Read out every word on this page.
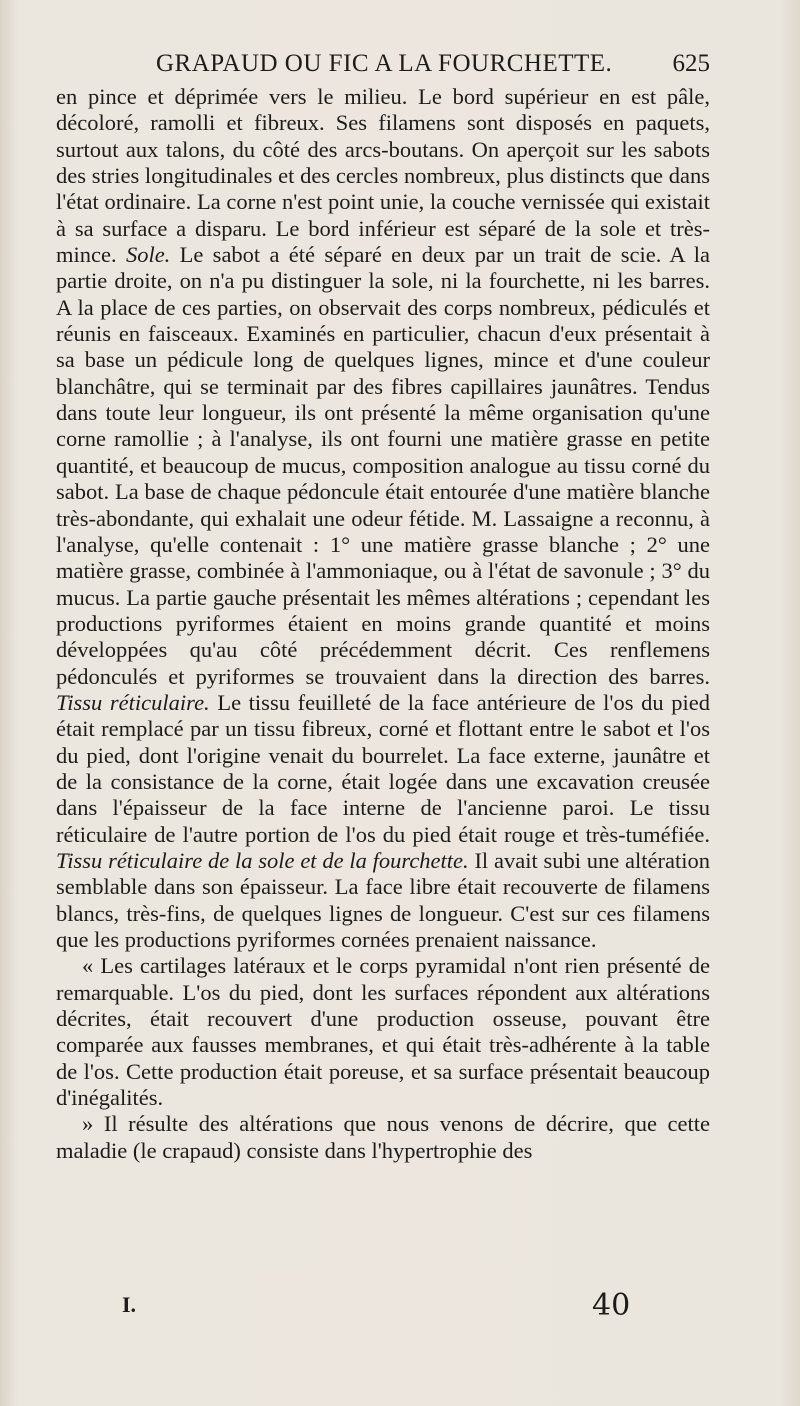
GRAPAUD OU FIC A LA FOURCHETTE. 625

en pince et déprimée vers le milieu. Le bord supérieur en est pâle, décoloré, ramolli et fibreux. Ses filamens sont disposés en paquets, surtout aux talons, du côté des arcs-boutans. On aperçoit sur les sabots des stries longitudinales et des cercles nombreux, plus distincts que dans l'état ordinaire. La corne n'est point unie, la couche vernissée qui existait à sa surface a disparu. Le bord inférieur est séparé de la sole et très-mince. Sole. Le sabot a été séparé en deux par un trait de scie. A la partie droite, on n'a pu distinguer la sole, ni la fourchette, ni les barres. A la place de ces parties, on observait des corps nombreux, pédiculés et réunis en faisceaux. Examinés en particulier, chacun d'eux présentait à sa base un pédicule long de quelques lignes, mince et d'une couleur blanchâtre, qui se terminait par des fibres capillaires jaunâtres. Tendus dans toute leur longueur, ils ont présenté la même organisation qu'une corne ramollie ; à l'analyse, ils ont fourni une matière grasse en petite quantité, et beaucoup de mucus, composition analogue au tissu corné du sabot. La base de chaque pédoncule était entourée d'une matière blanche très-abondante, qui exhalait une odeur fétide. M. Lassaigne a reconnu, à l'analyse, qu'elle contenait : 1° une matière grasse blanche ; 2° une matière grasse, combinée à l'ammoniaque, ou à l'état de savonule ; 3° du mucus. La partie gauche présentait les mêmes altérations ; cependant les productions pyriformes étaient en moins grande quantité et moins développées qu'au côté précédemment décrit. Ces renflemens pédonculés et pyriformes se trouvaient dans la direction des barres. Tissu réticulaire. Le tissu feuilleté de la face antérieure de l'os du pied était remplacé par un tissu fibreux, corné et flottant entre le sabot et l'os du pied, dont l'origine venait du bourrelet. La face externe, jaunâtre et de la consistance de la corne, était logée dans une excavation creusée dans l'épaisseur de la face interne de l'ancienne paroi. Le tissu réticulaire de l'autre portion de l'os du pied était rouge et très-tuméfiée. Tissu réticulaire de la sole et de la fourchette. Il avait subi une altération semblable dans son épaisseur. La face libre était recouverte de filamens blancs, très-fins, de quelques lignes de longueur. C'est sur ces filamens que les productions pyriformes cornées prenaient naissance.

« Les cartilages latéraux et le corps pyramidal n'ont rien présenté de remarquable. L'os du pied, dont les surfaces répondent aux altérations décrites, était recouvert d'une production osseuse, pouvant être comparée aux fausses membranes, et qui était très-adhérente à la table de l'os. Cette production était poreuse, et sa surface présentait beaucoup d'inégalités.

» Il résulte des altérations que nous venons de décrire, que cette maladie (le crapaud) consiste dans l'hypertrophie des

I.	40
